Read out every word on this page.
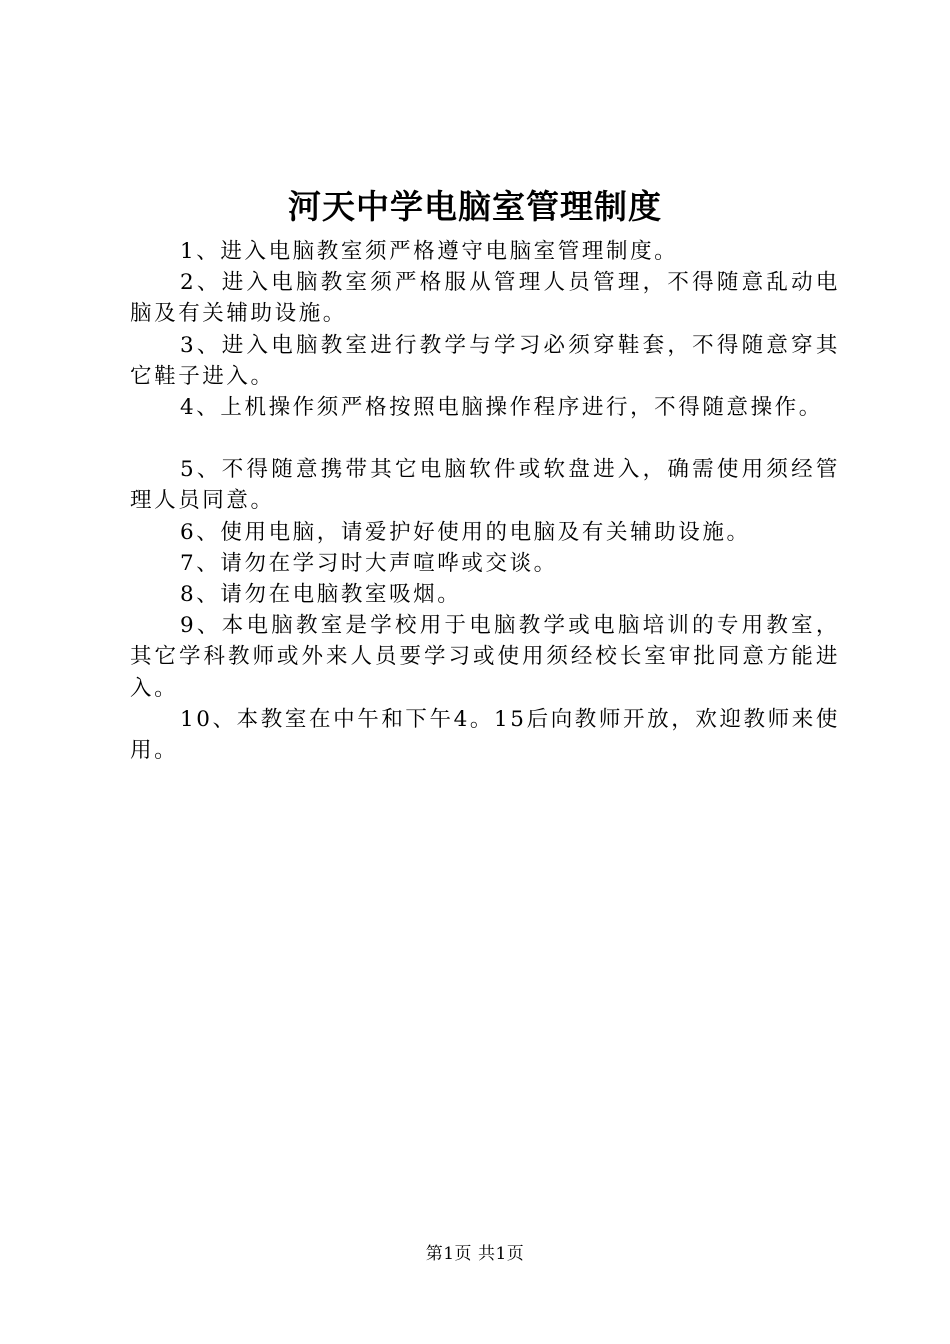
河天中学电脑室管理制度

1、进入电脑教室须严格遵守电脑室管理制度。

2、进入电脑教室须严格服从管理人员管理，不得随意乱动电脑及有关辅助设施。

3、进入电脑教室进行教学与学习必须穿鞋套，不得随意穿其它鞋子进入。

4、上机操作须严格按照电脑操作程序进行，不得随意操作。

5、不得随意携带其它电脑软件或软盘进入，确需使用须经管理人员同意。

6、使用电脑，请爱护好使用的电脑及有关辅助设施。

7、请勿在学习时大声喧哗或交谈。

8、请勿在电脑教室吸烟。

9、本电脑教室是学校用于电脑教学或电脑培训的专用教室，其它学科教师或外来人员要学习或使用须经校长室审批同意方能进入。

10、本教室在中午和下午4。15后向教师开放，欢迎教师来使用。

第1页 共1页
